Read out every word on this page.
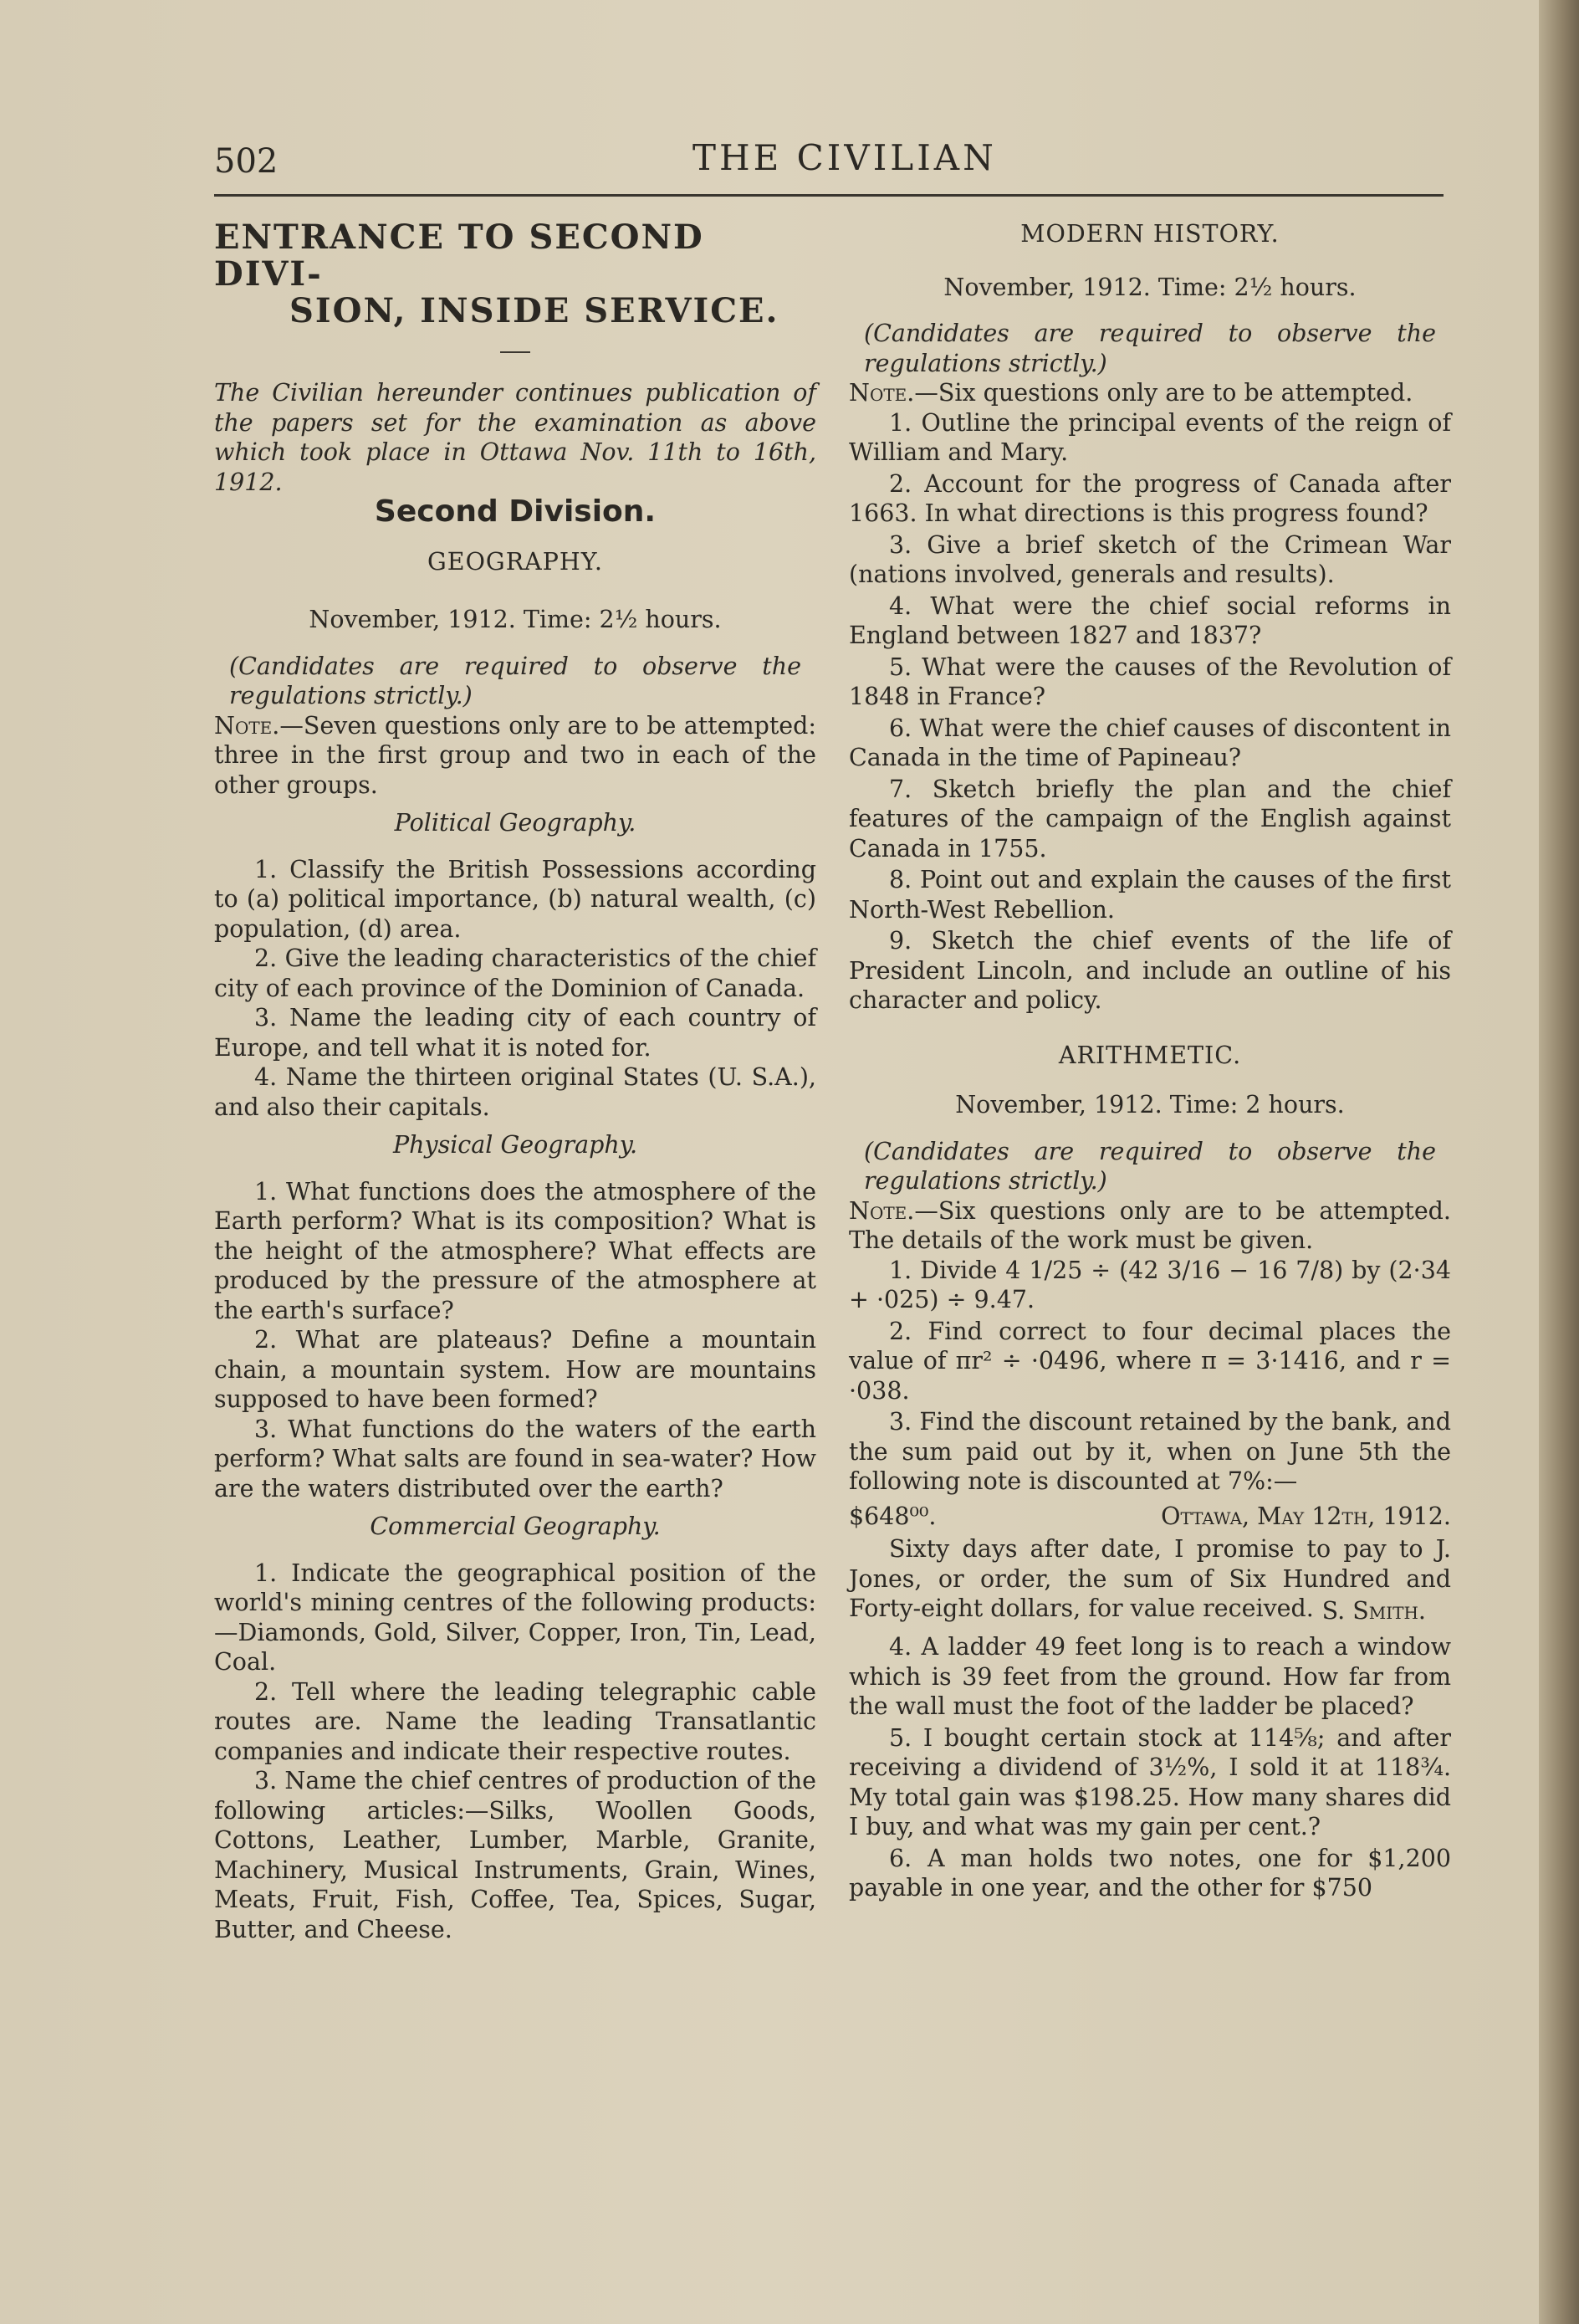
502	THE CIVILIAN
ENTRANCE TO SECOND DIVI-
SION, INSIDE SERVICE.

The Civilian hereunder continues publication of the papers set for the examination as above which took place in Ottawa Nov. 11th to 16th, 1912.

Second Division.
GEOGRAPHY.
November, 1912. Time: 2½ hours.

(Candidates are required to observe the regulations strictly.)

Note.—Seven questions only are to be attempted: three in the first group and two in each of the other groups.

Political Geography.

1. Classify the British Possessions according to (a) political importance, (b) natural wealth, (c) population, (d) area.

2. Give the leading characteristics of the chief city of each province of the Dominion of Canada.

3. Name the leading city of each country of Europe, and tell what it is noted for.

4. Name the thirteen original States (U. S.A.), and also their capitals.

Physical Geography.

1. What functions does the atmosphere of the Earth perform? What is its composition? What is the height of the atmosphere? What effects are produced by the pressure of the atmosphere at the earth's surface?

2. What are plateaus? Define a mountain chain, a mountain system. How are mountains supposed to have been formed?

3. What functions do the waters of the earth perform? What salts are found in sea-water? How are the waters distributed over the earth?

Commercial Geography.

1. Indicate the geographical position of the world's mining centres of the following products:—Diamonds, Gold, Silver, Copper, Iron, Tin, Lead, Coal.

2. Tell where the leading telegraphic cable routes are. Name the leading Transatlantic companies and indicate their respective routes.

3. Name the chief centres of production of the following articles:—Silks, Woollen Goods, Cottons, Leather, Lumber, Marble, Granite, Machinery, Musical Instruments, Grain, Wines, Meats, Fruit, Fish, Coffee, Tea, Spices, Sugar, Butter, and Cheese.

MODERN HISTORY.
November, 1912. Time: 2½ hours.

(Candidates are required to observe the regulations strictly.)

Note.—Six questions only are to be attempted.

1. Outline the principal events of the reign of William and Mary.

2. Account for the progress of Canada after 1663. In what directions is this progress found?

3. Give a brief sketch of the Crimean War (nations involved, generals and results).

4. What were the chief social reforms in England between 1827 and 1837?

5. What were the causes of the Revolution of 1848 in France?

6. What were the chief causes of discontent in Canada in the time of Papineau?

7. Sketch briefly the plan and the chief features of the campaign of the English against Canada in 1755.

8. Point out and explain the causes of the first North-West Rebellion.

9. Sketch the chief events of the life of President Lincoln, and include an outline of his character and policy.

ARITHMETIC.
November, 1912. Time: 2 hours.

(Candidates are required to observe the regulations strictly.)

Note.—Six questions only are to be attempted. The details of the work must be given.

1. Divide 4 1/25 ÷ (42 3/16 − 16 7/8) by (2·34̇ + ·025) ÷ 9.47.

2. Find correct to four decimal places the value of πr² ÷ ·0496, where π = 3·1416, and r = ·038.

3. Find the discount retained by the bank, and the sum paid out by it, when on June 5th the following note is discounted at 7%:—

$648⁰⁰.	Ottawa, May 12th, 1912.

Sixty days after date, I promise to pay to J. Jones, or order, the sum of Six Hundred and Forty-eight dollars, for value received. S. Smith.

4. A ladder 49 feet long is to reach a window which is 39 feet from the ground. How far from the wall must the foot of the ladder be placed?

5. I bought certain stock at 114⅝; and after receiving a dividend of 3½%, I sold it at 118¾. My total gain was $198.25. How many shares did I buy, and what was my gain per cent.?

6. A man holds two notes, one for $1,200 payable in one year, and the other for $750
